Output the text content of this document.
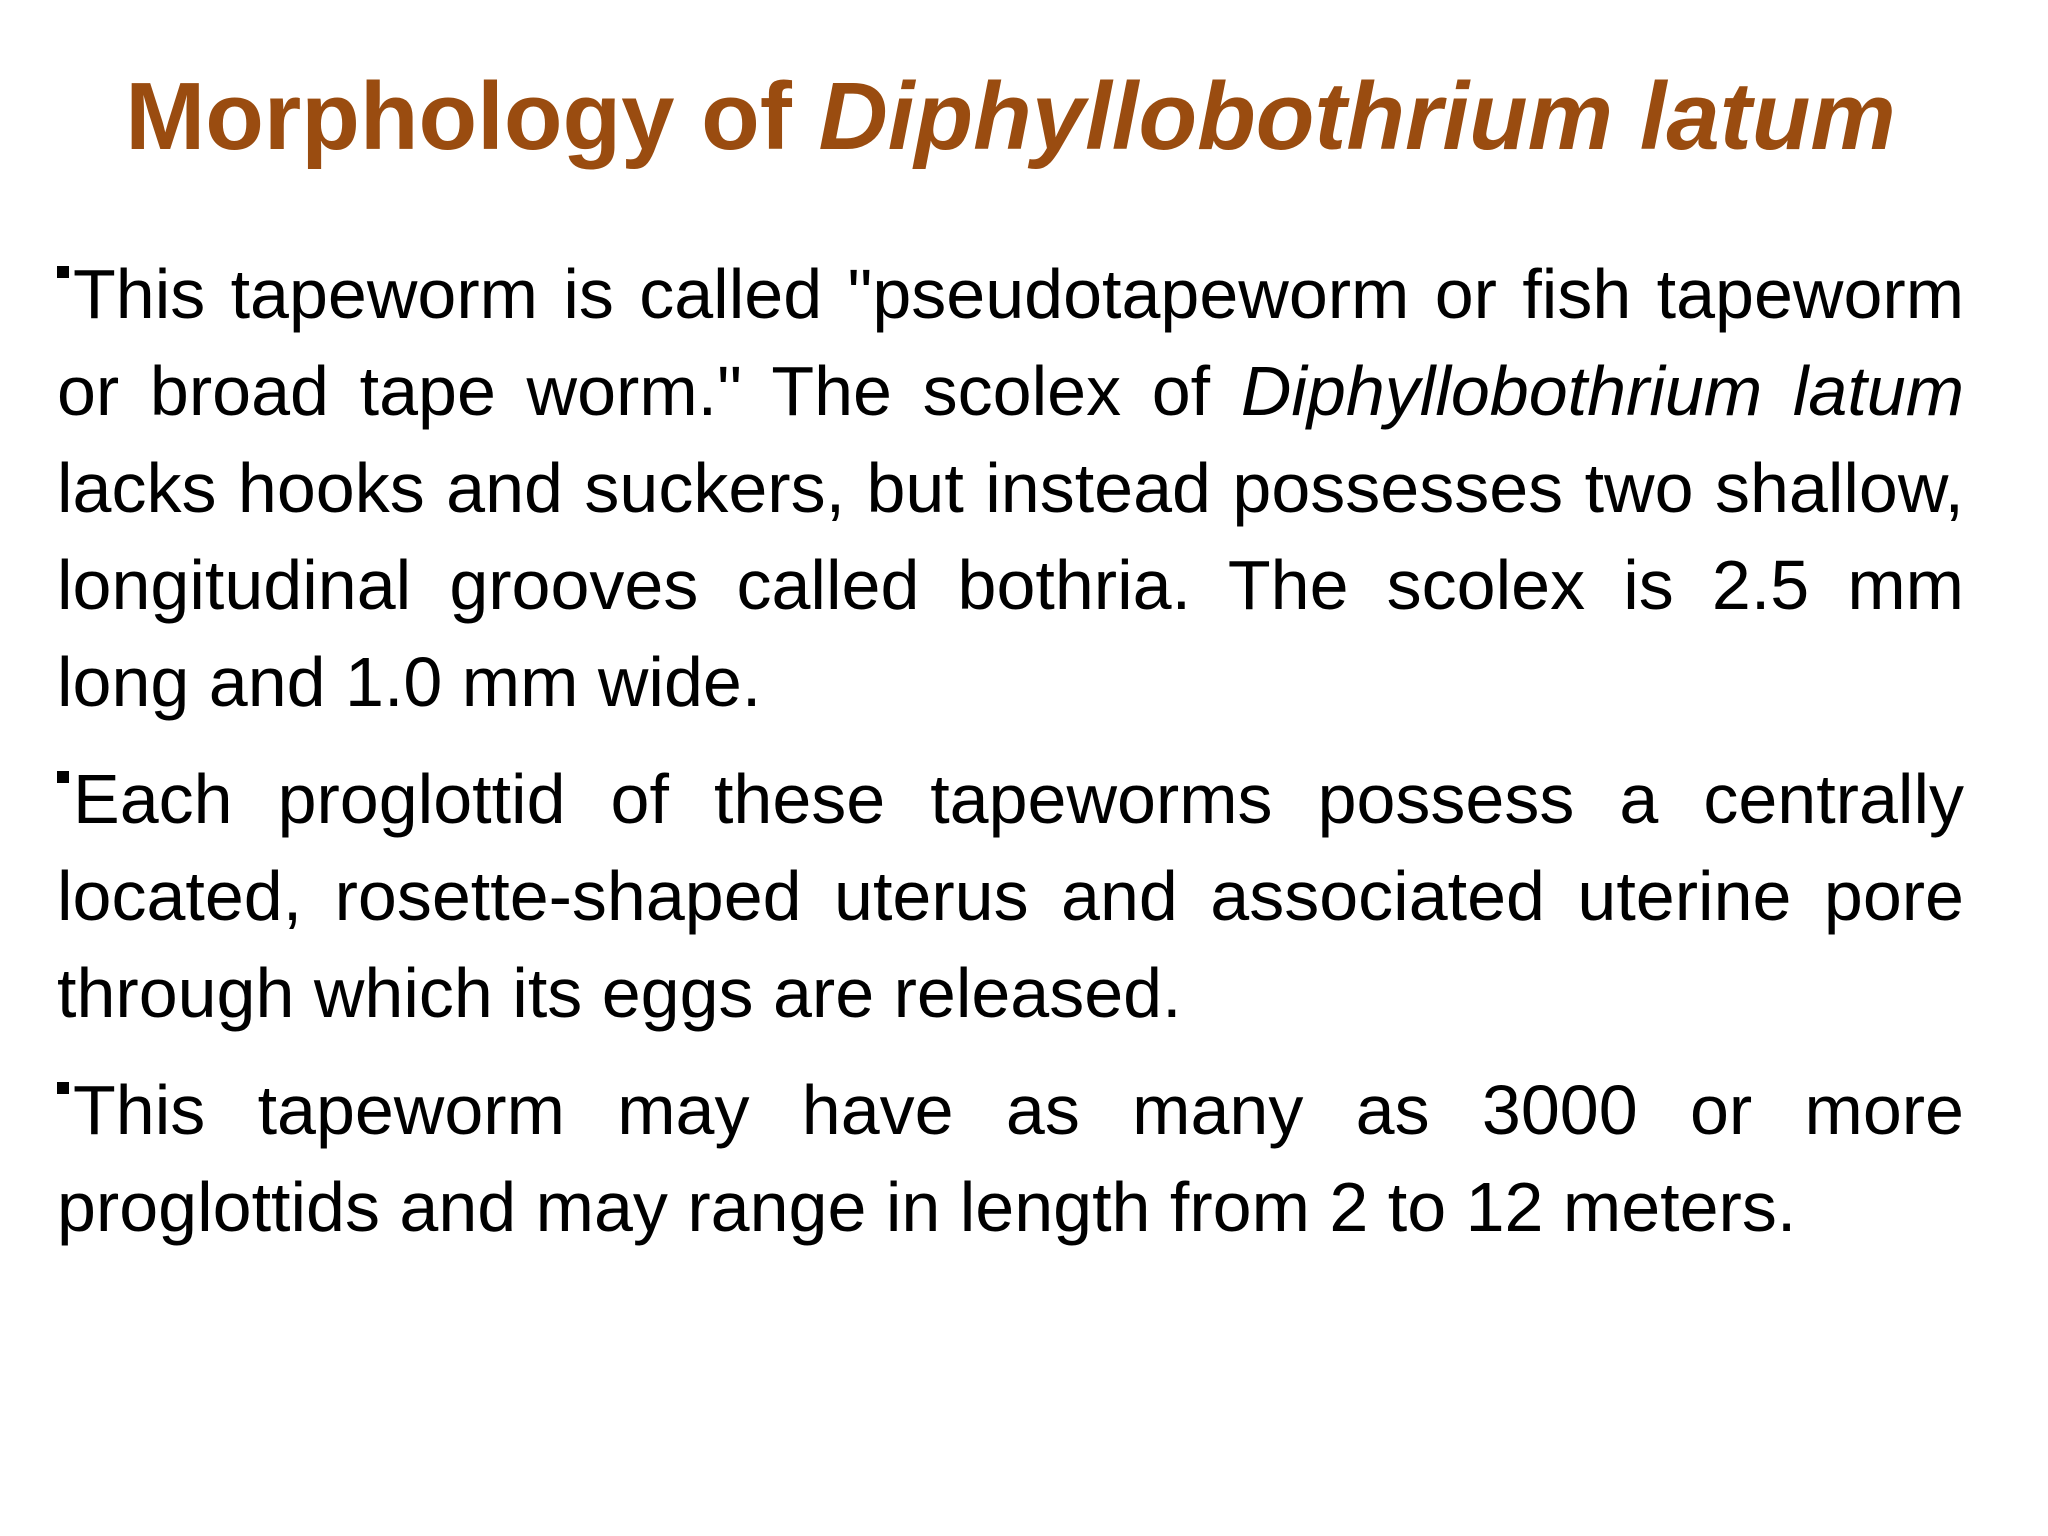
Morphology of Diphyllobothrium latum

This tapeworm is called "pseudotapeworm or fish tapeworm or broad tape worm." The scolex of Diphyllobothrium latum lacks hooks and suckers, but instead possesses two shallow, longitudinal grooves called bothria. The scolex is 2.5 mm long and 1.0 mm wide.

Each proglottid of these tapeworms possess a centrally located, rosette-shaped uterus and associated uterine pore through which its eggs are released.

This tapeworm may have as many as 3000 or more proglottids and may range in length from 2 to 12 meters.
